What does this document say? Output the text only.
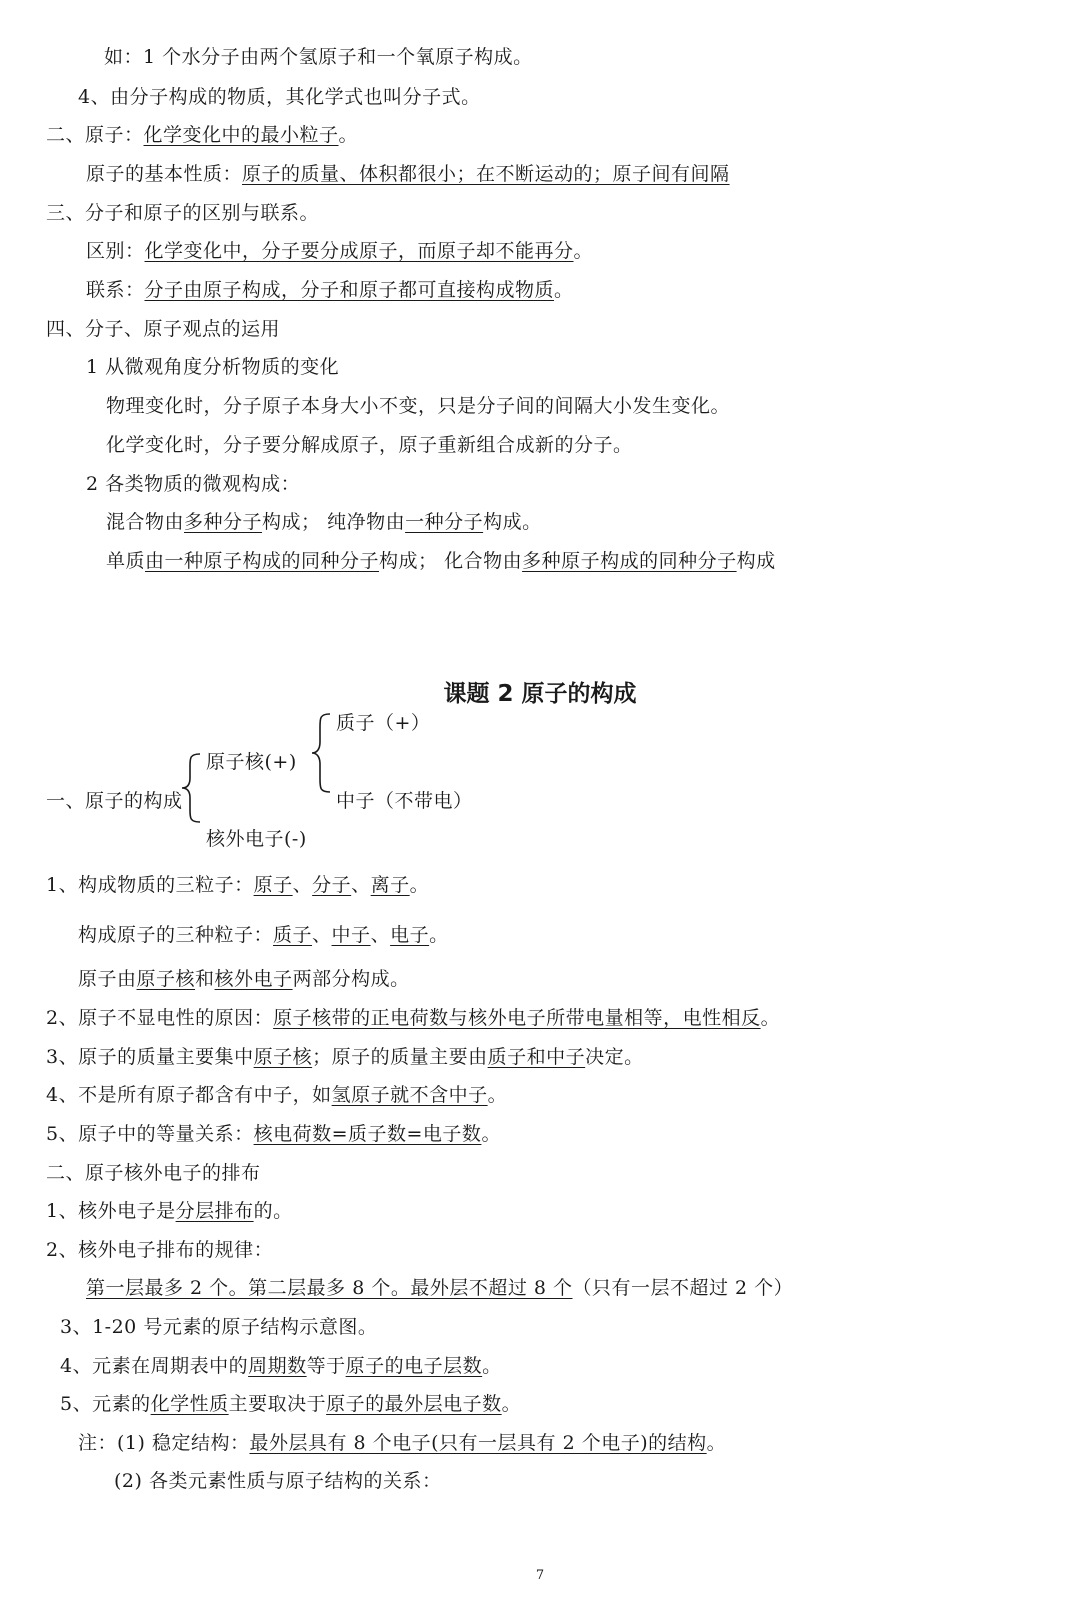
如：1 个水分子由两个氢原子和一个氧原子构成。
4、由分子构成的物质，其化学式也叫分子式。
二、原子：化学变化中的最小粒子。
原子的基本性质：原子的质量、体积都很小；在不断运动的；原子间有间隔
三、分子和原子的区别与联系。
区别：化学变化中，分子要分成原子，而原子却不能再分。
联系：分子由原子构成，分子和原子都可直接构成物质。
四、分子、原子观点的运用
1 从微观角度分析物质的变化
物理变化时，分子原子本身大小不变，只是分子间的间隔大小发生变化。
化学变化时，分子要分解成原子，原子重新组合成新的分子。
2 各类物质的微观构成：
混合物由多种分子构成； 纯净物由一种分子构成。
单质由一种原子构成的同种分子构成； 化合物由多种原子构成的同种分子构成
课题 2 原子的构成
一、原子的构成
原子核(+)
核外电子(-)
质子（+）
中子（不带电）
1、构成物质的三粒子：原子、分子、离子。
构成原子的三种粒子：质子、中子、电子。
原子由原子核和核外电子两部分构成。
2、原子不显电性的原因：原子核带的正电荷数与核外电子所带电量相等，电性相反。
3、原子的质量主要集中原子核；原子的质量主要由质子和中子决定。
4、不是所有原子都含有中子，如氢原子就不含中子。
5、原子中的等量关系：核电荷数=质子数=电子数。
二、原子核外电子的排布
1、核外电子是分层排布的。
2、核外电子排布的规律：
第一层最多 2 个。第二层最多 8 个。最外层不超过 8 个（只有一层不超过 2 个）
3、1-20 号元素的原子结构示意图。
4、元素在周期表中的周期数等于原子的电子层数。
5、元素的化学性质主要取决于原子的最外层电子数。
注：(1) 稳定结构：最外层具有 8 个电子(只有一层具有 2 个电子)的结构。
(2) 各类元素性质与原子结构的关系：
7
